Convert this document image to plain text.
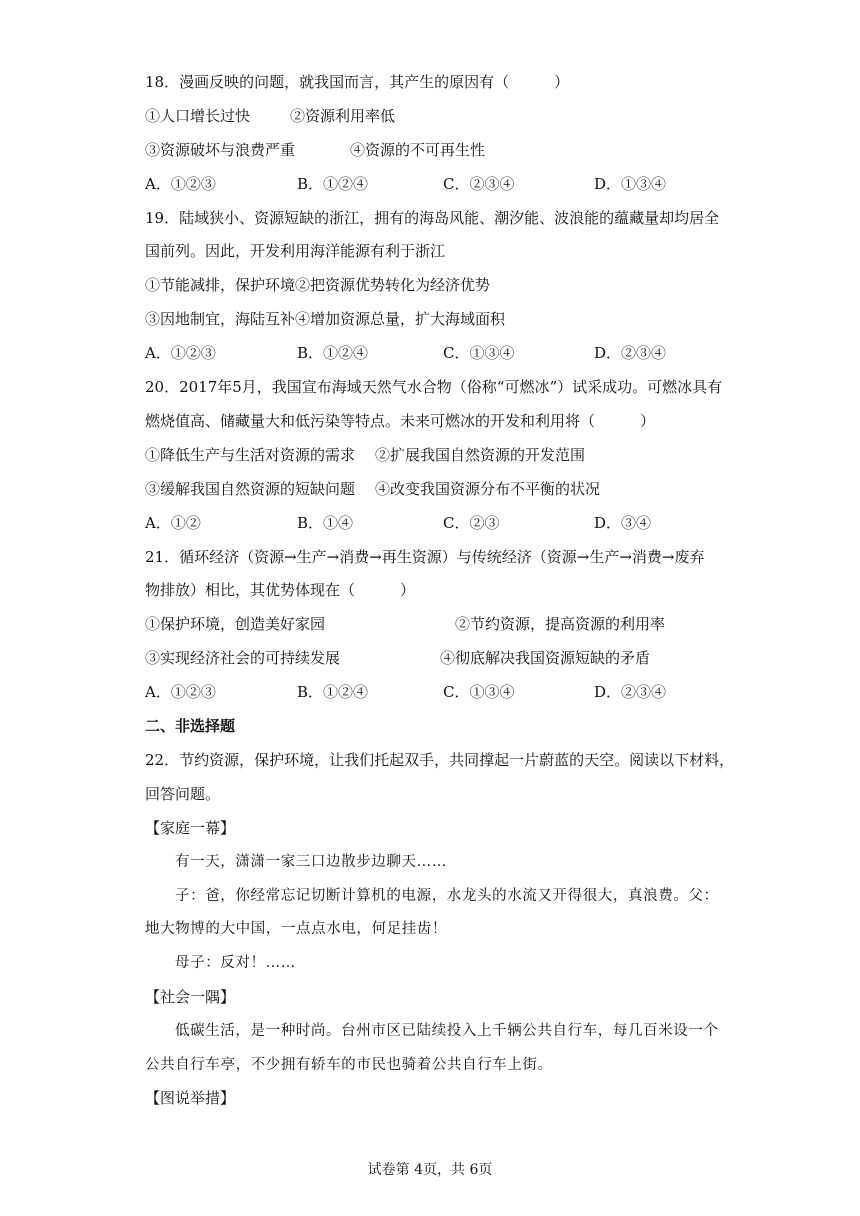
18．漫画反映的问题，就我国而言，其产生的原因有（　　　）
①人口增长过快	②资源利用率低
③资源破坏与浪费严重	④资源的不可再生性
A．①②③	B．①②④	C．②③④	D．①③④
19．陆域狭小、资源短缺的浙江，拥有的海岛风能、潮汐能、波浪能的蕴藏量却均居全
国前列。因此，开发利用海洋能源有利于浙江
①节能减排，保护环境②把资源优势转化为经济优势
③因地制宜，海陆互补④增加资源总量，扩大海域面积
A．①②③	B．①②④	C．①③④	D．②③④
20．2017年5月，我国宣布海域天然气水合物（俗称“可燃冰”）试采成功。可燃冰具有
燃烧值高、储藏量大和低污染等特点。未来可燃冰的开发和利用将（　　　）
①降低生产与生活对资源的需求 ②扩展我国自然资源的开发范围
③缓解我国自然资源的短缺问题 ④改变我国资源分布不平衡的状况
A．①②	B．①④	C．②③	D．③④
21．循环经济（资源→生产→消费→再生资源）与传统经济（资源→生产→消费→废弃
物排放）相比，其优势体现在（　　　）
①保护环境，创造美好家园	②节约资源，提高资源的利用率
③实现经济社会的可持续发展	④彻底解决我国资源短缺的矛盾
A．①②③	B．①②④	C．①③④	D．②③④
二、非选择题
22．节约资源，保护环境，让我们托起双手，共同撑起一片蔚蓝的天空。阅读以下材料，
回答问题。
【家庭一幕】
有一天，潇潇一家三口边散步边聊天……
子：爸，你经常忘记切断计算机的电源，水龙头的水流又开得很大，真浪费。父：
地大物博的大中国，一点点水电，何足挂齿！
母子：反对！……
【社会一隅】
低碳生活，是一种时尚。台州市区已陆续投入上千辆公共自行车，每几百米设一个
公共自行车亭，不少拥有轿车的市民也骑着公共自行车上街。
【图说举措】
试卷第 4页，共 6页
